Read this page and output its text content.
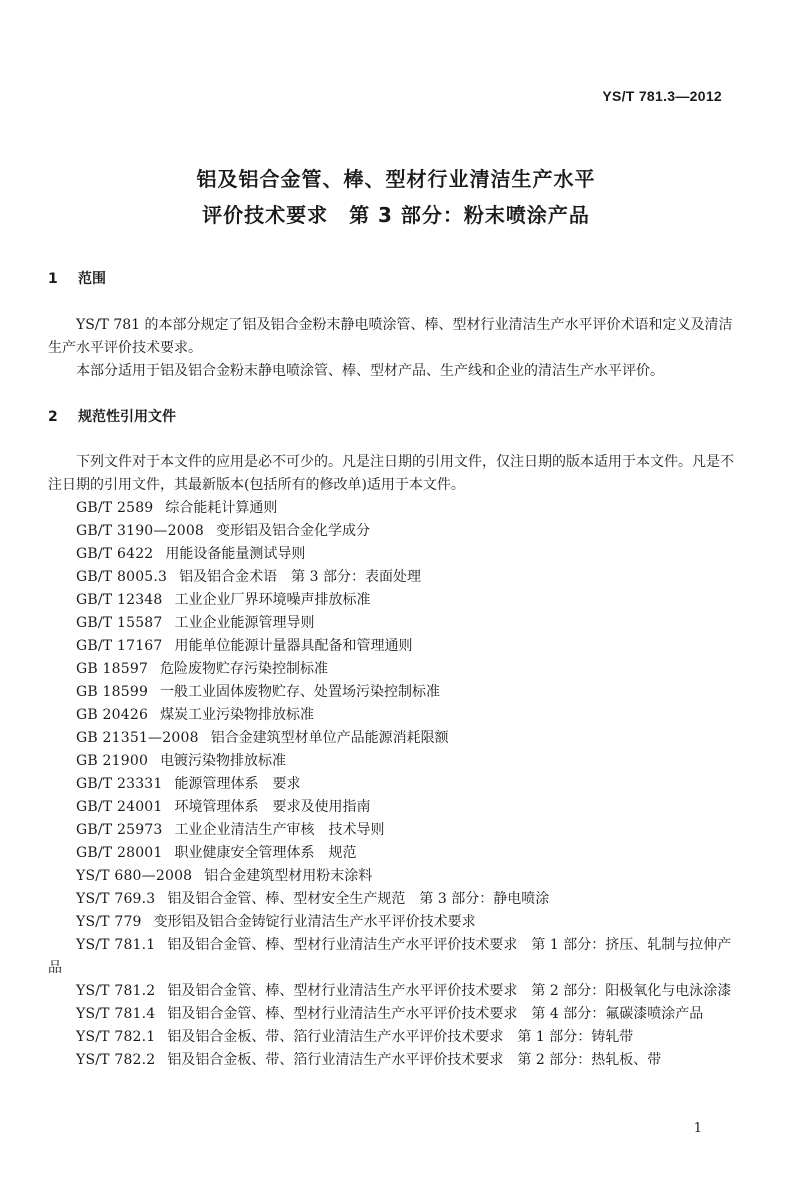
YS/T 781.3—2012
铝及铝合金管、棒、型材行业清洁生产水平
评价技术要求　第 3 部分：粉末喷涂产品
1 范围
YS/T 781 的本部分规定了铝及铝合金粉末静电喷涂管、棒、型材行业清洁生产水平评价术语和定义及清洁生产水平评价技术要求。
本部分适用于铝及铝合金粉末静电喷涂管、棒、型材产品、生产线和企业的清洁生产水平评价。
2 规范性引用文件
下列文件对于本文件的应用是必不可少的。凡是注日期的引用文件，仅注日期的版本适用于本文件。凡是不注日期的引用文件，其最新版本(包括所有的修改单)适用于本文件。
GB/T 2589 综合能耗计算通则
GB/T 3190—2008 变形铝及铝合金化学成分
GB/T 6422 用能设备能量测试导则
GB/T 8005.3 铝及铝合金术语　第 3 部分：表面处理
GB/T 12348 工业企业厂界环境噪声排放标准
GB/T 15587 工业企业能源管理导则
GB/T 17167 用能单位能源计量器具配备和管理通则
GB 18597 危险废物贮存污染控制标准
GB 18599 一般工业固体废物贮存、处置场污染控制标准
GB 20426 煤炭工业污染物排放标准
GB 21351—2008 铝合金建筑型材单位产品能源消耗限额
GB 21900 电镀污染物排放标准
GB/T 23331 能源管理体系　要求
GB/T 24001 环境管理体系　要求及使用指南
GB/T 25973 工业企业清洁生产审核　技术导则
GB/T 28001 职业健康安全管理体系　规范
YS/T 680—2008 铝合金建筑型材用粉末涂料
YS/T 769.3 铝及铝合金管、棒、型材安全生产规范　第 3 部分：静电喷涂
YS/T 779 变形铝及铝合金铸锭行业清洁生产水平评价技术要求
YS/T 781.1 铝及铝合金管、棒、型材行业清洁生产水平评价技术要求　第 1 部分：挤压、轧制与拉伸产品
YS/T 781.2 铝及铝合金管、棒、型材行业清洁生产水平评价技术要求　第 2 部分：阳极氧化与电泳涂漆
YS/T 781.4 铝及铝合金管、棒、型材行业清洁生产水平评价技术要求　第 4 部分：氟碳漆喷涂产品
YS/T 782.1 铝及铝合金板、带、箔行业清洁生产水平评价技术要求　第 1 部分：铸轧带
YS/T 782.2 铝及铝合金板、带、箔行业清洁生产水平评价技术要求　第 2 部分：热轧板、带
1
